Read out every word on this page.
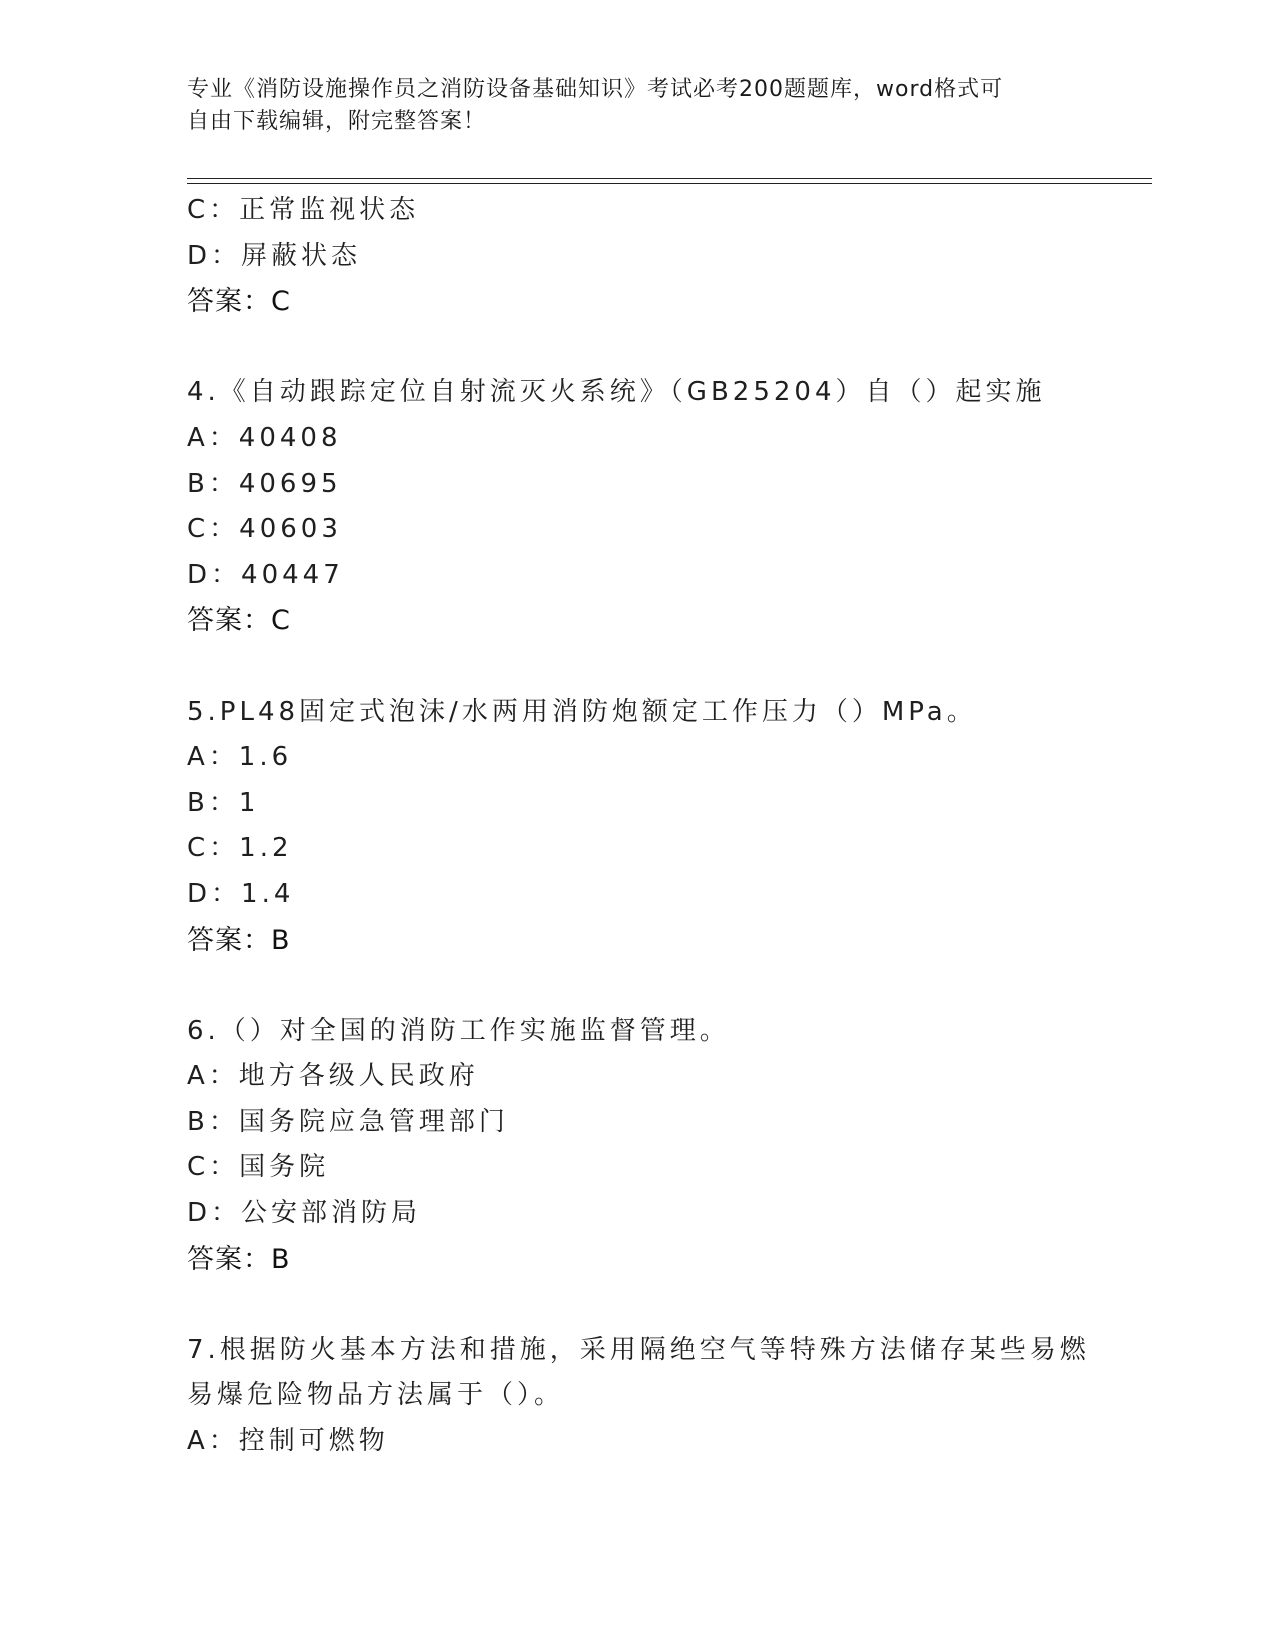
专业《消防设施操作员之消防设备基础知识》考试必考200题题库，word格式可
自由下载编辑，附完整答案！
C：正常监视状态
D：屏蔽状态
答案：C
4.《自动跟踪定位自射流灭火系统》（GB25204）自（）起实施
A：40408
B：40695
C：40603
D：40447
答案：C
5.PL48固定式泡沫/水两用消防炮额定工作压力（）MPa。
A：1.6
B：1
C：1.2
D：1.4
答案：B
6.（）对全国的消防工作实施监督管理。
A：地方各级人民政府
B：国务院应急管理部门
C：国务院
D：公安部消防局
答案：B
7.根据防火基本方法和措施，采用隔绝空气等特殊方法储存某些易燃
易爆危险物品方法属于（）。
A：控制可燃物
